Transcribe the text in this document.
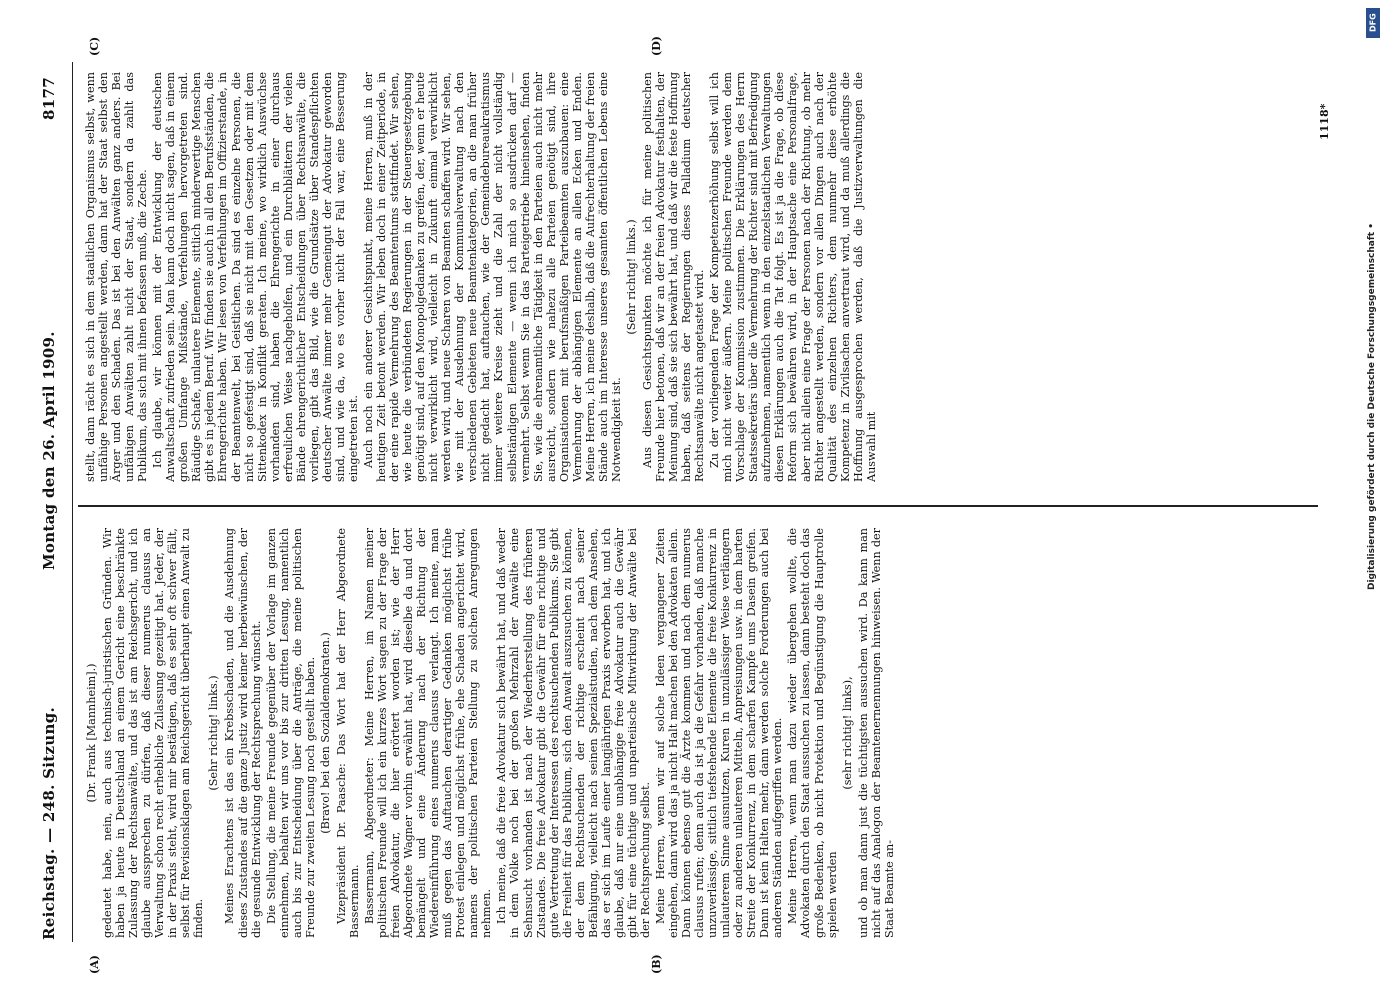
Reichstag. — 248. Sitzung.
Montag den 26. April 1909.
8177
(A)	(B)
(C)	(D)

(Dr. Frank [Mannheim].) gedeutet habe, nein, auch aus technisch-juristischen Gründen. Wir haben ja heute in Deutschland an einem Gericht eine beschränkte Zulassung der Rechtsanwälte, und das ist am Reichsgericht, und ich glaube aussprechen zu dürfen, daß dieser numerus clausus an Verwaltung schon recht erhebliche Zulassung gezeitigt hat. Jeder, der in der Praxis steht, wird mir bestätigen, daß es sehr oft schwer fällt, selbst für Revisionsklagen am Reichsgericht überhaupt einen Anwalt zu finden.

(Sehr richtig! links.) Meines Erachtens ist das ein Krebsschaden, und die Ausdehnung dieses Zustandes auf die ganze Justiz wird keiner herbeiwünschen, der die gesunde Entwicklung der Rechtsprechung wünscht. Die Stellung, die meine Freunde gegenüber der Vorlage im ganzen einnehmen, behalten wir uns vor bis zur dritten Lesung, namentlich auch bis zur Entscheidung über die Anträge, die meine politischen Freunde zur zweiten Lesung noch gestellt haben. (Bravo! bei den Sozialdemokraten.) Vizepräsident Dr. Paasche: Das Wort hat der Herr Abgeordnete Bassermann. Bassermann, Abgeordneter: Meine Herren, im Namen meiner politischen Freunde will ich ein kurzes Wort sagen zu der Frage der freien Advokatur, die hier erörtert worden ist; wie der Herr Abgeordnete Wagner vorhin erwähnt hat, wird dieselbe da und dort bemängelt und eine Änderung nach der Richtung der Wiedereinführung eines numerus clausus verlangt. Ich meine, man muß gegen das Auftauchen derartiger Gedanken möglichst frühe Protest einlegen und möglichst frühe, ehe Schaden angerichtet wird, namens der politischen Parteien Stellung zu solchen Anregungen nehmen. Ich meine, daß die freie Advokatur sich bewährt hat, und daß weder in dem Volke noch bei der großen Mehrzahl der Anwälte eine Sehnsucht vorhanden ist nach der Wiederherstellung des früheren Zustandes. Die freie Advokatur gibt die Gewähr für eine richtige und gute Vertretung der Interessen des rechtsuchenden Publikums. Sie gibt die Freiheit für das Publikum, sich den Anwalt auszusuchen zu können, der dem Rechtsuchenden der richtige erscheint nach seiner Befähigung, vielleicht nach seinen Spezialstudien, nach dem Ansehen, das er sich im Laufe einer langjährigen Praxis erworben hat, und ich glaube, daß nur eine unabhängige freie Advokatur auch die Gewähr gibt für eine tüchtige und unparteiische Mitwirkung der Anwälte bei der Rechtsprechung selbst. Meine Herren, wenn wir auf solche Ideen vergangener Zeiten eingehen, dann wird das ja nicht Halt machen bei den Advokaten allein. Dann können ebenso gut die Ärzte kommen und nach dem numerus clausus rufen; denn auch da ist ja die Gefahr vorhanden, daß manche unzuverlässige, sittlich tiefstehende Elemente die freie Konkurrenz in unlauterem Sinne ausnutzen, Kuren in unzulässiger Weise verlängern oder zu anderen unlauteren Mitteln, Anpreisungen usw. in dem harten Streite der Konkurrenz, in dem scharfen Kampfe ums Dasein greifen. Dann ist kein Halten mehr, dann werden solche Forderungen auch bei anderen Ständen aufgegriffen werden. Meine Herren, wenn man dazu wieder übergehen wollte, die Advokaten durch den Staat aussuchen zu lassen, dann besteht doch das große Bedenken, ob nicht Protektion und Begünstigung die Hauptrolle spielen werden

(sehr richtig! links), und ob man dann just die tüchtigsten aussuchen wird. Da kann man nicht auf das Analogon der Beamtenernennungen hinweisen. Wenn der Staat Beamte an-

stellt, dann rächt es sich in dem staatlichen Organismus selbst, wenn unfähige Personen angestellt werden, dann hat der Staat selbst den Ärger und den Schaden. Das ist bei den Anwälten ganz anders. Bei unfähigen Anwälten zahlt nicht der Staat, sondern da zahlt das Publikum, das sich mit ihnen befassen muß, die Zeche. Ich glaube, wir können mit der Entwicklung der deutschen Anwaltschaft zufrieden sein. Man kann doch nicht sagen, daß in einem großen Umfange Mißstände, Verfehlungen hervorgetreten sind. Räudige Schafe, unlautere Elemente, sittlich minderwertige Menschen gibt es in jedem Beruf. Wir finden sie auch in all den Berufsständen, die Ehrengerichte haben. Wir lesen von Verfehlungen im Offizierstande, in der Beamtenwelt, bei Geistlichen. Da sind es einzelne Personen, die nicht so gefestigt sind, daß sie nicht mit den Gesetzen oder mit dem Sittenkodex in Konflikt geraten. Ich meine, wo wirklich Auswüchse vorhanden sind, haben die Ehrengerichte in einer durchaus erfreulichen Weise nachgeholfen, und ein Durchblättern der vielen Bände ehrengerichtlicher Entscheidungen über Rechtsanwälte, die vorliegen, gibt das Bild, wie die Grundsätze über Standespflichten deutscher Anwälte immer mehr Gemeingut der Advokatur geworden sind, und wie da, wo es vorher nicht der Fall war, eine Besserung eingetreten ist. Auch noch ein anderer Gesichtspunkt, meine Herren, muß in der heutigen Zeit betont werden. Wir leben doch in einer Zeitperiode, in der eine rapide Vermehrung des Beamtentums stattfindet. Wir sehen, wie heute die verbündeten Regierungen in der Steuergesetzgebung genötigt sind, auf den Monopolgedanken zu greifen, der, wenn er heute nicht verwirklicht wird, vielleicht in Zukunft einmal verwirklicht werden wird, und neue Scharen von Beamten schaffen wird. Wir sehen, wie mit der Ausdehnung der Kommunalverwaltung nach den verschiedenen Gebieten neue Beamtenkategorien, an die man früher nicht gedacht hat, auftauchen, wie der Gemeindebureaukratismus immer weitere Kreise zieht und die Zahl der nicht vollständig selbständigen Elemente — wenn ich mich so ausdrücken darf — vermehrt. Selbst wenn Sie in das Parteigetriebe hineinsehen, finden Sie, wie die ehrenamtliche Tätigkeit in den Parteien auch nicht mehr ausreicht, sondern wie nahezu alle Parteien genötigt sind, ihre Organisationen mit berufsmäßigen Parteibeamten auszubauen: eine Vermehrung der abhängigen Elemente an allen Ecken und Enden. Meine Herren, ich meine deshalb, daß die Aufrechterhaltung der freien Stände auch im Interesse unseres gesamten öffentlichen Lebens eine Notwendigkeit ist.

(Sehr richtig! links.) Aus diesen Gesichtspunkten möchte ich für meine politischen Freunde hier betonen, daß wir an der freien Advokatur festhalten, der Meinung sind, daß sie sich bewährt hat, und daß wir die feste Hoffnung haben, daß seitens der Regierungen dieses Palladium deutscher Rechtsanwälte nicht angetastet wird. Zu der vorliegenden Frage der Kompetenzerhöhung selbst will ich mich nicht weiter äußern. Meine politischen Freunde werden dem Vorschlage der Kommission zustimmen. Die Erklärungen des Herrn Staatssekretärs über die Vermehrung der Richter sind mit Befriedigung aufzunehmen, namentlich wenn in den einzelstaatlichen Verwaltungen diesen Erklärungen auch die Tat folgt. Es ist ja die Frage, ob diese Reform sich bewähren wird, in der Hauptsache eine Personalfrage, aber nicht allein eine Frage der Personen nach der Richtung, ob mehr Richter angestellt werden, sondern vor allen Dingen auch nach der Qualität des einzelnen Richters, dem nunmehr diese erhöhte Kompetenz in Zivilsachen anvertraut wird, und da muß allerdings die Hoffnung ausgesprochen werden, daß die Justizverwaltungen die Auswahl mit

1118*
DFG
Digitalisierung gefördert durch die Deutsche Forschungsgemeinschaft •
